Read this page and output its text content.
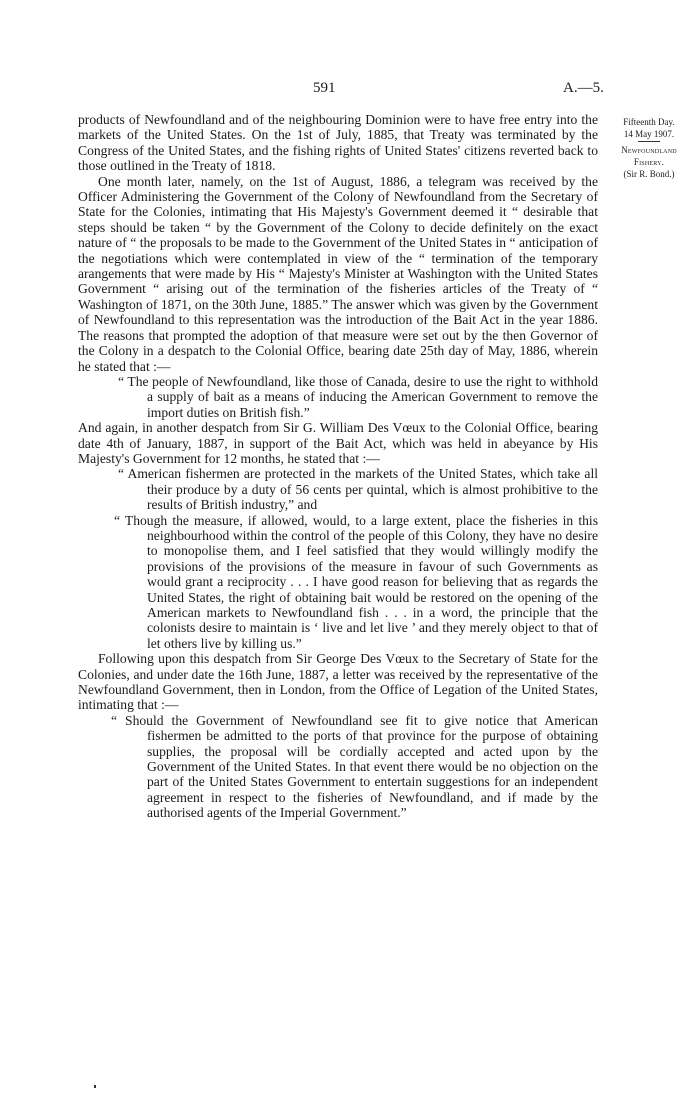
591	A.—5.
Fifteenth Day.
14 May 1907.
Newfoundland
Fishery.
(Sir R. Bond.)

products of Newfoundland and of the neighbouring Dominion were to have free entry into the markets of the United States. On the 1st of July, 1885, that Treaty was terminated by the Congress of the United States, and the fishing rights of United States' citizens reverted back to those outlined in the Treaty of 1818.

One month later, namely, on the 1st of August, 1886, a telegram was received by the Officer Administering the Government of the Colony of Newfoundland from the Secretary of State for the Colonies, intimating that His Majesty's Government deemed it “ desirable that steps should be taken “ by the Government of the Colony to decide definitely on the exact nature of “ the proposals to be made to the Government of the United States in “ anticipation of the negotiations which were contemplated in view of the “ termination of the temporary arangements that were made by His “ Majesty's Minister at Washington with the United States Government “ arising out of the termination of the fisheries articles of the Treaty of “ Washington of 1871, on the 30th June, 1885.” The answer which was given by the Government of Newfoundland to this representation was the introduction of the Bait Act in the year 1886. The reasons that prompted the adoption of that measure were set out by the then Governor of the Colony in a despatch to the Colonial Office, bearing date 25th day of May, 1886, wherein he stated that :—

“ The people of Newfoundland, like those of Canada, desire to use the right to withhold a supply of bait as a means of inducing the American Government to remove the import duties on British fish.”

And again, in another despatch from Sir G. William Des Vœux to the Colonial Office, bearing date 4th of January, 1887, in support of the Bait Act, which was held in abeyance by His Majesty's Government for 12 months, he stated that :—

“ American fishermen are protected in the markets of the United States, which take all their produce by a duty of 56 cents per quintal, which is almost prohibitive to the results of British industry,” and

“ Though the measure, if allowed, would, to a large extent, place the fisheries in this neighbourhood within the control of the people of this Colony, they have no desire to monopolise them, and I feel satisfied that they would willingly modify the provisions of the provisions of the measure in favour of such Governments as would grant a reciprocity . . . I have good reason for believing that as regards the United States, the right of obtaining bait would be restored on the opening of the American markets to Newfoundland fish . . . in a word, the principle that the colonists desire to maintain is ‘ live and let live ’ and they merely object to that of let others live by killing us.”

Following upon this despatch from Sir George Des Vœux to the Secretary of State for the Colonies, and under date the 16th June, 1887, a letter was received by the representative of the Newfoundland Government, then in London, from the Office of Legation of the United States, intimating that :—

“ Should the Government of Newfoundland see fit to give notice that American fishermen be admitted to the ports of that province for the purpose of obtaining supplies, the proposal will be cordially accepted and acted upon by the Government of the United States. In that event there would be no objection on the part of the United States Government to entertain suggestions for an independent agreement in respect to the fisheries of Newfoundland, and if made by the authorised agents of the Imperial Government.”
